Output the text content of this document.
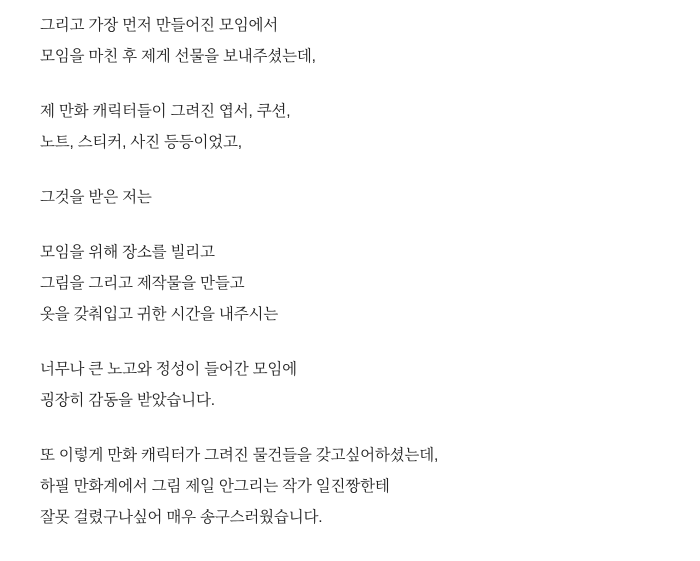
그리고 가장 먼저 만들어진 모임에서
모임을 마친 후 제게 선물을 보내주셨는데,
제 만화 캐릭터들이 그려진 엽서, 쿠션,
노트, 스티커, 사진 등등이었고,
그것을 받은 저는
모임을 위해 장소를 빌리고
그림을 그리고 제작물을 만들고
옷을 갖춰입고 귀한 시간을 내주시는
너무나 큰 노고와 정성이 들어간 모임에
굉장히 감동을 받았습니다.
또 이렇게 만화 캐릭터가 그려진 물건들을 갖고싶어하셨는데,
하필 만화계에서 그림 제일 안그리는 작가 일진짱한테
잘못 걸렸구나싶어 매우 송구스러웠습니다.
